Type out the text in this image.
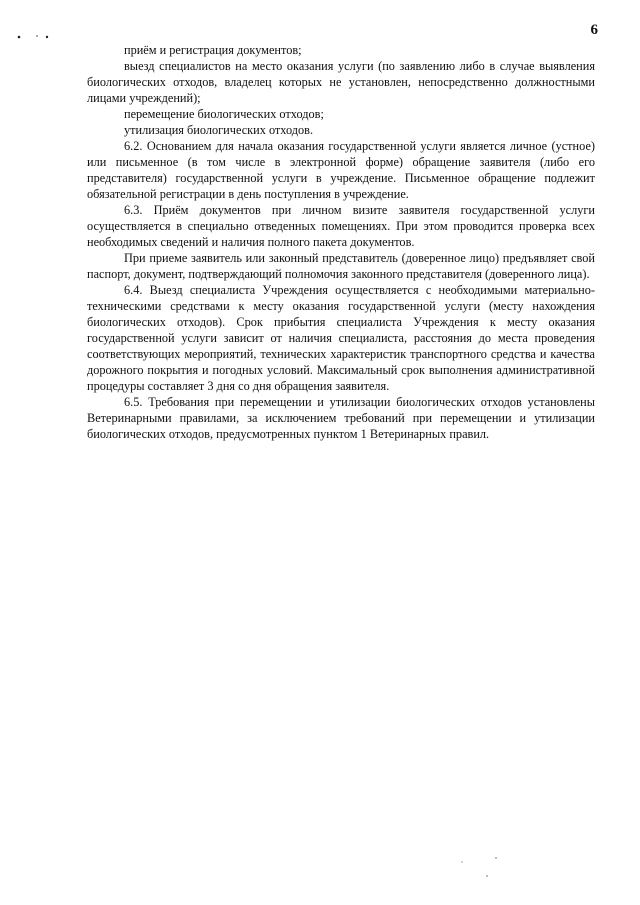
6

приём и регистрация документов;

выезд специалистов на место оказания услуги (по заявлению либо в случае выявления биологических отходов, владелец которых не установлен, непосредственно должностными лицами учреждений);

перемещение биологических отходов;

утилизация биологических отходов.

6.2. Основанием для начала оказания государственной услуги является личное (устное) или письменное (в том числе в электронной форме) обращение заявителя (либо его представителя) государственной услуги в учреждение. Письменное обращение подлежит обязательной регистрации в день поступления в учреждение.

6.3. Приём документов при личном визите заявителя государственной услуги осуществляется в специально отведенных помещениях. При этом проводится проверка всех необходимых сведений и наличия полного пакета документов.

При приеме заявитель или законный представитель (доверенное лицо) предъявляет свой паспорт, документ, подтверждающий полномочия законного представителя (доверенного лица).

6.4. Выезд специалиста Учреждения осуществляется с необходимыми материально-техническими средствами к месту оказания государственной услуги (месту нахождения биологических отходов). Срок прибытия специалиста Учреждения к месту оказания государственной услуги зависит от наличия специалиста, расстояния до места проведения соответствующих мероприятий, технических характеристик транспортного средства и качества дорожного покрытия и погодных условий. Максимальный срок выполнения административной процедуры составляет 3 дня со дня обращения заявителя.

6.5. Требования при перемещении и утилизации биологических отходов установлены Ветеринарными правилами, за исключением требований при перемещении и утилизации биологических отходов, предусмотренных пунктом 1 Ветеринарных правил.
